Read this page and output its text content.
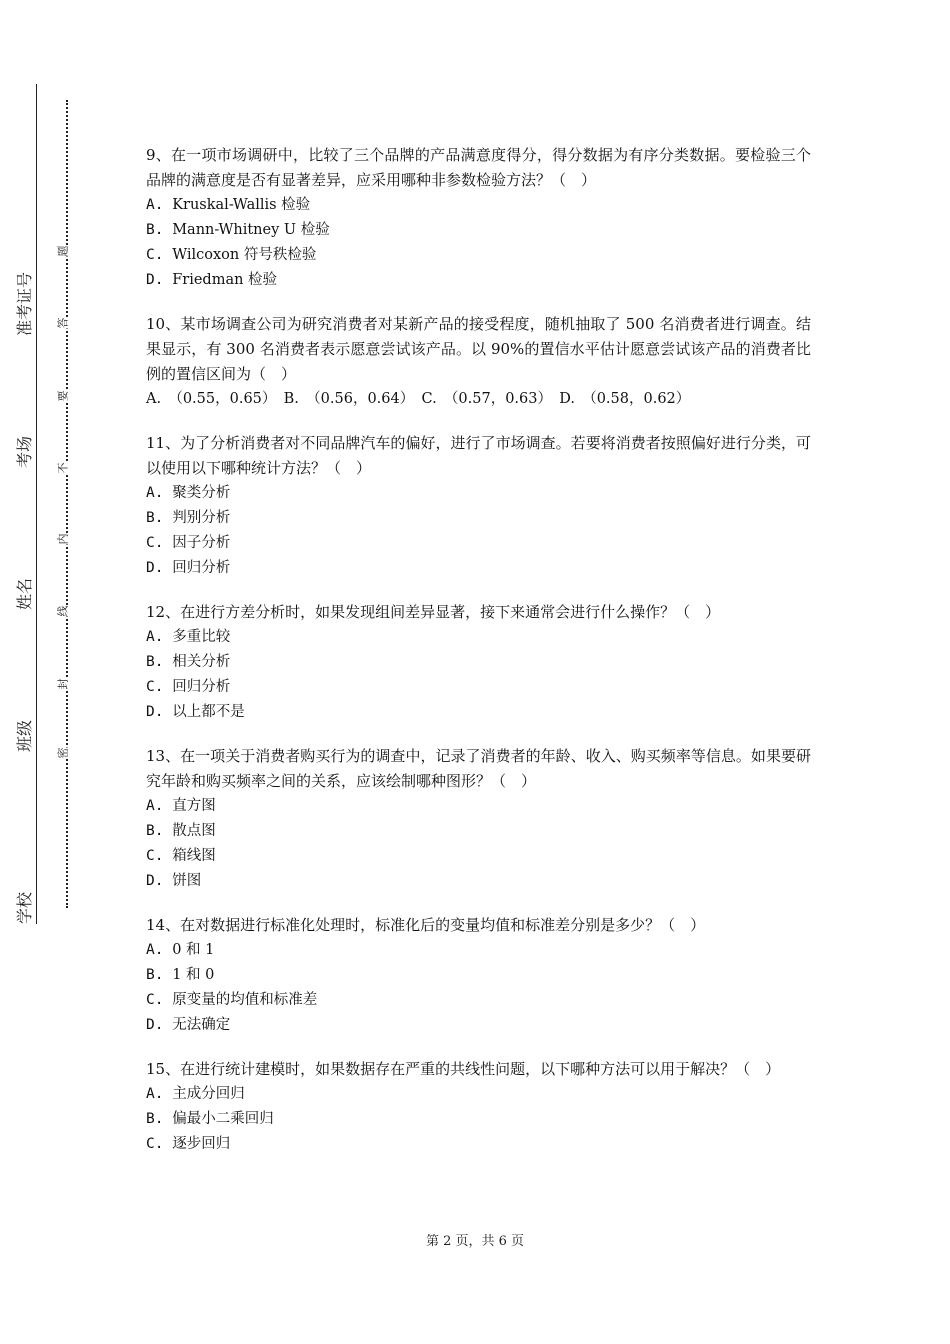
学校
班级
姓名
考场
准考证号
密
封
线
内
不
要
答
题

9、在一项市场调研中，比较了三个品牌的产品满意度得分，得分数据为有序分类数据。要检验三个品牌的满意度是否有显著差异，应采用哪种非参数检验方法？（　）

A. Kruskal-Wallis 检验

B. Mann-Whitney U 检验

C. Wilcoxon 符号秩检验

D. Friedman 检验

10、某市场调查公司为研究消费者对某新产品的接受程度，随机抽取了 500 名消费者进行调查。结果显示，有 300 名消费者表示愿意尝试该产品。以 90%的置信水平估计愿意尝试该产品的消费者比例的置信区间为（　）

A.　（0.55，0.65）　B.　（0.56，0.64）　C.　（0.57，0.63）　D.　（0.58，0.62）

11、为了分析消费者对不同品牌汽车的偏好，进行了市场调查。若要将消费者按照偏好进行分类，可以使用以下哪种统计方法？（　）

A. 聚类分析

B. 判别分析

C. 因子分析

D. 回归分析

12、在进行方差分析时，如果发现组间差异显著，接下来通常会进行什么操作？（　）

A. 多重比较

B. 相关分析

C. 回归分析

D. 以上都不是

13、在一项关于消费者购买行为的调查中，记录了消费者的年龄、收入、购买频率等信息。如果要研究年龄和购买频率之间的关系，应该绘制哪种图形？（　）

A. 直方图

B. 散点图

C. 箱线图

D. 饼图

14、在对数据进行标准化处理时，标准化后的变量均值和标准差分别是多少？（　）

A. 0 和 1

B. 1 和 0

C. 原变量的均值和标准差

D. 无法确定

15、在进行统计建模时，如果数据存在严重的共线性问题，以下哪种方法可以用于解决？（　）

A. 主成分回归

B. 偏最小二乘回归

C. 逐步回归

第 2 页，共 6 页
